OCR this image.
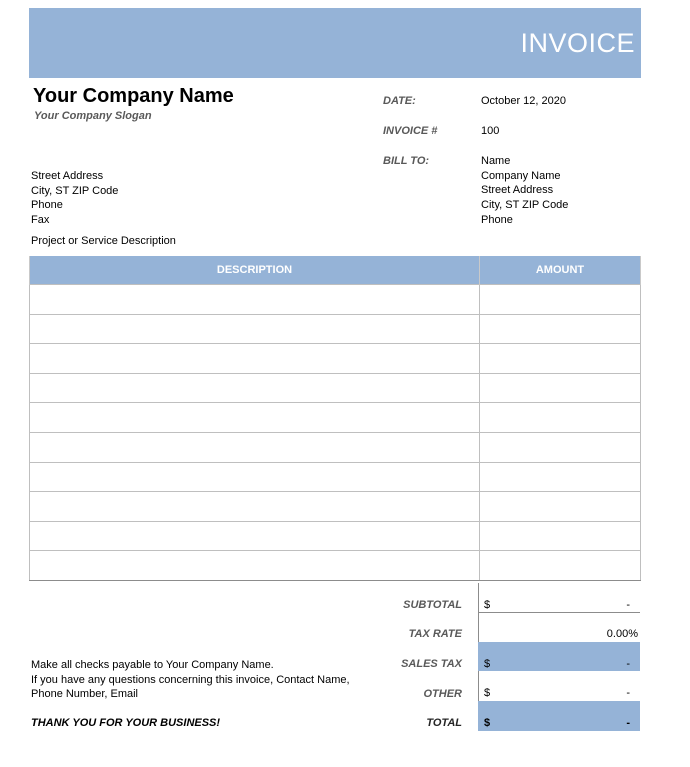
INVOICE
Your Company Name
Your Company Slogan
Street Address
City, ST ZIP Code
Phone
Fax
Project or Service Description
DATE:	October 12, 2020
INVOICE #	100
BILL TO:	Name
Company Name
Street Address
City, ST ZIP Code
Phone
DESCRIPTION	AMOUNT

SUBTOTAL $	-
TAX RATE	0.00%
SALES TAX $	-
OTHER $	-
TOTAL $	-
Make all checks payable to Your Company Name.
If you have any questions concerning this invoice, Contact Name,
Phone Number, Email
THANK YOU FOR YOUR BUSINESS!
